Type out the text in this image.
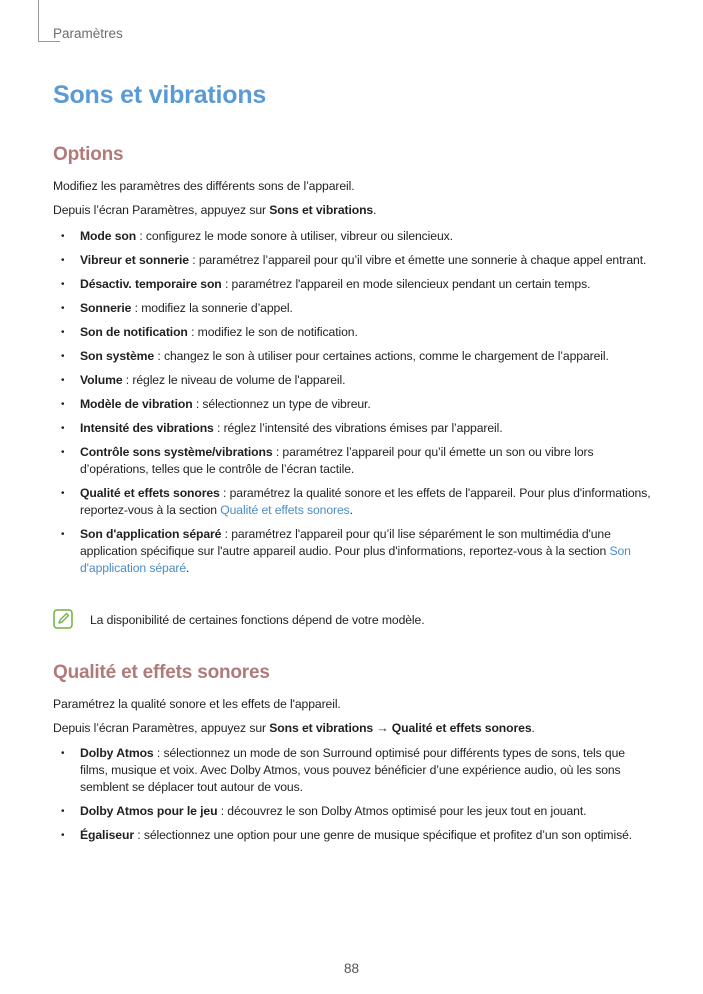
Paramètres
Sons et vibrations
Options

Modifiez les paramètres des différents sons de l’appareil.

Depuis l’écran Paramètres, appuyez sur Sons et vibrations.

• Mode son : configurez le mode sonore à utiliser, vibreur ou silencieux.
• Vibreur et sonnerie : paramétrez l’appareil pour qu’il vibre et émette une sonnerie à chaque appel entrant.
• Désactiv. temporaire son : paramétrez l'appareil en mode silencieux pendant un certain temps.
• Sonnerie : modifiez la sonnerie d’appel.
• Son de notification : modifiez le son de notification.
• Son système : changez le son à utiliser pour certaines actions, comme le chargement de l’appareil.
• Volume : réglez le niveau de volume de l'appareil.
• Modèle de vibration : sélectionnez un type de vibreur.
• Intensité des vibrations : réglez l’intensité des vibrations émises par l’appareil.
• Contrôle sons système/vibrations : paramétrez l’appareil pour qu’il émette un son ou vibre lors d’opérations, telles que le contrôle de l’écran tactile.
• Qualité et effets sonores : paramétrez la qualité sonore et les effets de l'appareil. Pour plus d'informations, reportez-vous à la section Qualité et effets sonores.
• Son d'application séparé : paramétrez l'appareil pour qu’il lise séparément le son multimédia d'une application spécifique sur l'autre appareil audio. Pour plus d'informations, reportez-vous à la section Son d'application séparé.
La disponibilité de certaines fonctions dépend de votre modèle.
Qualité et effets sonores

Paramétrez la qualité sonore et les effets de l'appareil.

Depuis l’écran Paramètres, appuyez sur Sons et vibrations → Qualité et effets sonores.

• Dolby Atmos : sélectionnez un mode de son Surround optimisé pour différents types de sons, tels que films, musique et voix. Avec Dolby Atmos, vous pouvez bénéficier d’une expérience audio, où les sons semblent se déplacer tout autour de vous.
• Dolby Atmos pour le jeu : découvrez le son Dolby Atmos optimisé pour les jeux tout en jouant.
• Égaliseur : sélectionnez une option pour une genre de musique spécifique et profitez d’un son optimisé.
88
